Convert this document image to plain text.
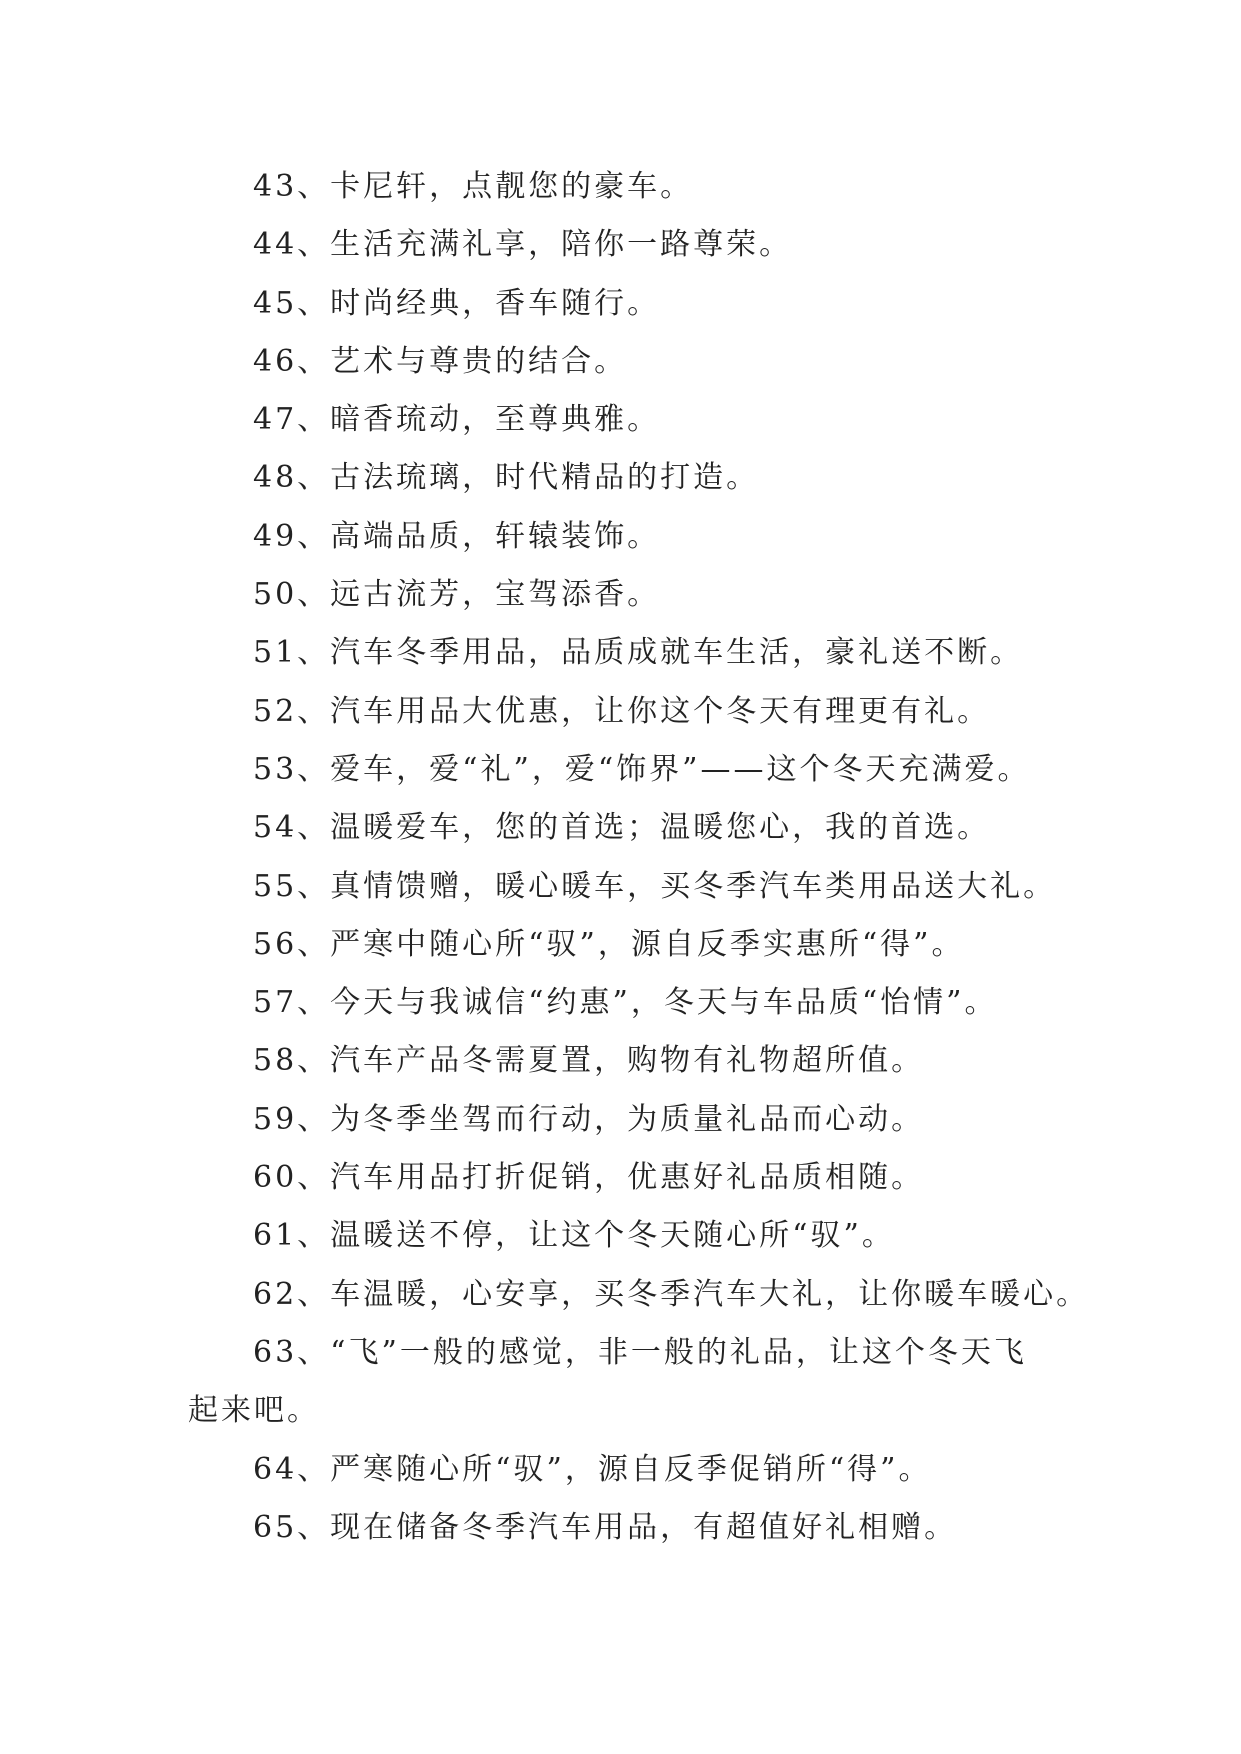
43、卡尼轩，点靓您的豪车。
44、生活充满礼享，陪你一路尊荣。
45、时尚经典，香车随行。
46、艺术与尊贵的结合。
47、暗香琉动，至尊典雅。
48、古法琉璃，时代精品的打造。
49、高端品质，轩辕装饰。
50、远古流芳，宝驾添香。
51、汽车冬季用品，品质成就车生活，豪礼送不断。
52、汽车用品大优惠，让你这个冬天有理更有礼。
53、爱车，爱“礼”，爱“饰界”——这个冬天充满爱。
54、温暖爱车，您的首选；温暖您心，我的首选。
55、真情馈赠，暖心暖车，买冬季汽车类用品送大礼。
56、严寒中随心所“驭”，源自反季实惠所“得”。
57、今天与我诚信“约惠”，冬天与车品质“怡情”。
58、汽车产品冬需夏置，购物有礼物超所值。
59、为冬季坐驾而行动，为质量礼品而心动。
60、汽车用品打折促销，优惠好礼品质相随。
61、温暖送不停，让这个冬天随心所“驭”。
62、车温暖，心安享，买冬季汽车大礼，让你暖车暖心。
63、“飞”一般的感觉，非一般的礼品，让这个冬天飞
起来吧。
64、严寒随心所“驭”，源自反季促销所“得”。
65、现在储备冬季汽车用品，有超值好礼相赠。
